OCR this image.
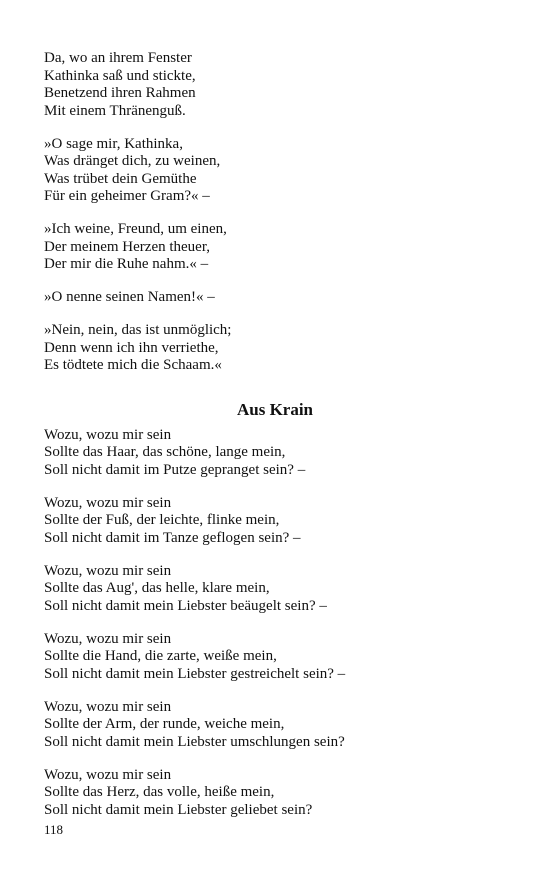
Da, wo an ihrem Fenster
Kathinka saß und stickte,
Benetzend ihren Rahmen
Mit einem Thränenguß.
»O sage mir, Kathinka,
Was dränget dich, zu weinen,
Was trübet dein Gemüthe
Für ein geheimer Gram?« –
»Ich weine, Freund, um einen,
Der meinem Herzen theuer,
Der mir die Ruhe nahm.« –
»O nenne seinen Namen!« –
»Nein, nein, das ist unmöglich;
Denn wenn ich ihn verriethe,
Es tödtete mich die Schaam.«
Aus Krain
Wozu, wozu mir sein
Sollte das Haar, das schöne, lange mein,
Soll nicht damit im Putze gepranget sein? –
Wozu, wozu mir sein
Sollte der Fuß, der leichte, flinke mein,
Soll nicht damit im Tanze geflogen sein? –
Wozu, wozu mir sein
Sollte das Aug', das helle, klare mein,
Soll nicht damit mein Liebster beäugelt sein? –
Wozu, wozu mir sein
Sollte die Hand, die zarte, weiße mein,
Soll nicht damit mein Liebster gestreichelt sein? –
Wozu, wozu mir sein
Sollte der Arm, der runde, weiche mein,
Soll nicht damit mein Liebster umschlungen sein?
Wozu, wozu mir sein
Sollte das Herz, das volle, heiße mein,
Soll nicht damit mein Liebster geliebet sein?
118
